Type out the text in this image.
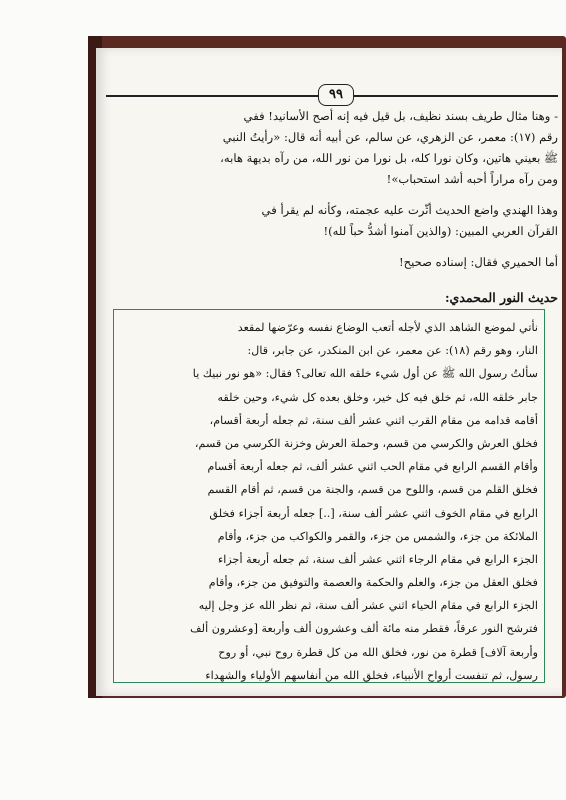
٩٩
- وهنا مثال طريف بسند نظيف، بل قيل فيه إنه أصح الأسانيد! ففي
رقم (١٧): معمر، عن الزهري، عن سالم، عن أبيه أنه قال: «رأيتُ النبي
ﷺ بعيني هاتين، وكان نورا كله، بل نورا من نور الله، من رآه بديهة هابه،
ومن رآه مراراً أحبه أشد استحباب»!
وهذا الهندي واضع الحديث أثّرت عليه عجمته، وكأنه لم يقرأ في
القرآن العربي المبين: (والذين آمنوا أشدُّ حباً لله)!
أما الحميري فقال: إسناده صحيح!
حديث النور المحمدي:
نأتي لموضع الشاهد الذي لأجله أتعب الوضاع نفسه وعرّضها لمقعد
النار، وهو رقم (١٨): عن معمر، عن ابن المنكدر، عن جابر، قال:
سألتُ رسول الله ﷺ عن أول شيء خلقه الله تعالى؟ فقال: «هو نور نبيك يا
جابر خلقه الله، ثم خلق فيه كل خير، وخلق بعده كل شيء، وحين خلقه
أقامه قدامه من مقام القرب اثني عشر ألف سنة، ثم جعله أربعة أقسام،
فخلق العرش والكرسي من قسم، وحملة العرش وخزنة الكرسي من قسم،
وأقام القسم الرابع في مقام الحب اثني عشر ألف، ثم جعله أربعة أقسام
فخلق القلم من قسم، واللوح من قسم، والجنة من قسم، ثم أقام القسم
الرابع في مقام الخوف اثني عشر ألف سنة، [..] جعله أربعة أجزاء فخلق
الملائكة من جزء، والشمس من جزء، والقمر والكواكب من جزء، وأقام
الجزء الرابع في مقام الرجاء اثني عشر ألف سنة، ثم جعله أربعة أجزاء
فخلق العقل من جزء، والعلم والحكمة والعصمة والتوفيق من جزء، وأقام
الجزء الرابع في مقام الحياء اثني عشر ألف سنة، ثم نظر الله عز وجل إليه
فترشح النور عرقاً، فقطر منه مائة ألف وعشرون ألف وأربعة [وعشرون ألف
وأربعة آلاف] قطرة من نور، فخلق الله من كل قطرة روح نبي، أو روح
رسول، ثم تنفست أرواح الأنبياء، فخلق الله من أنفاسهم الأولياء والشهداء
